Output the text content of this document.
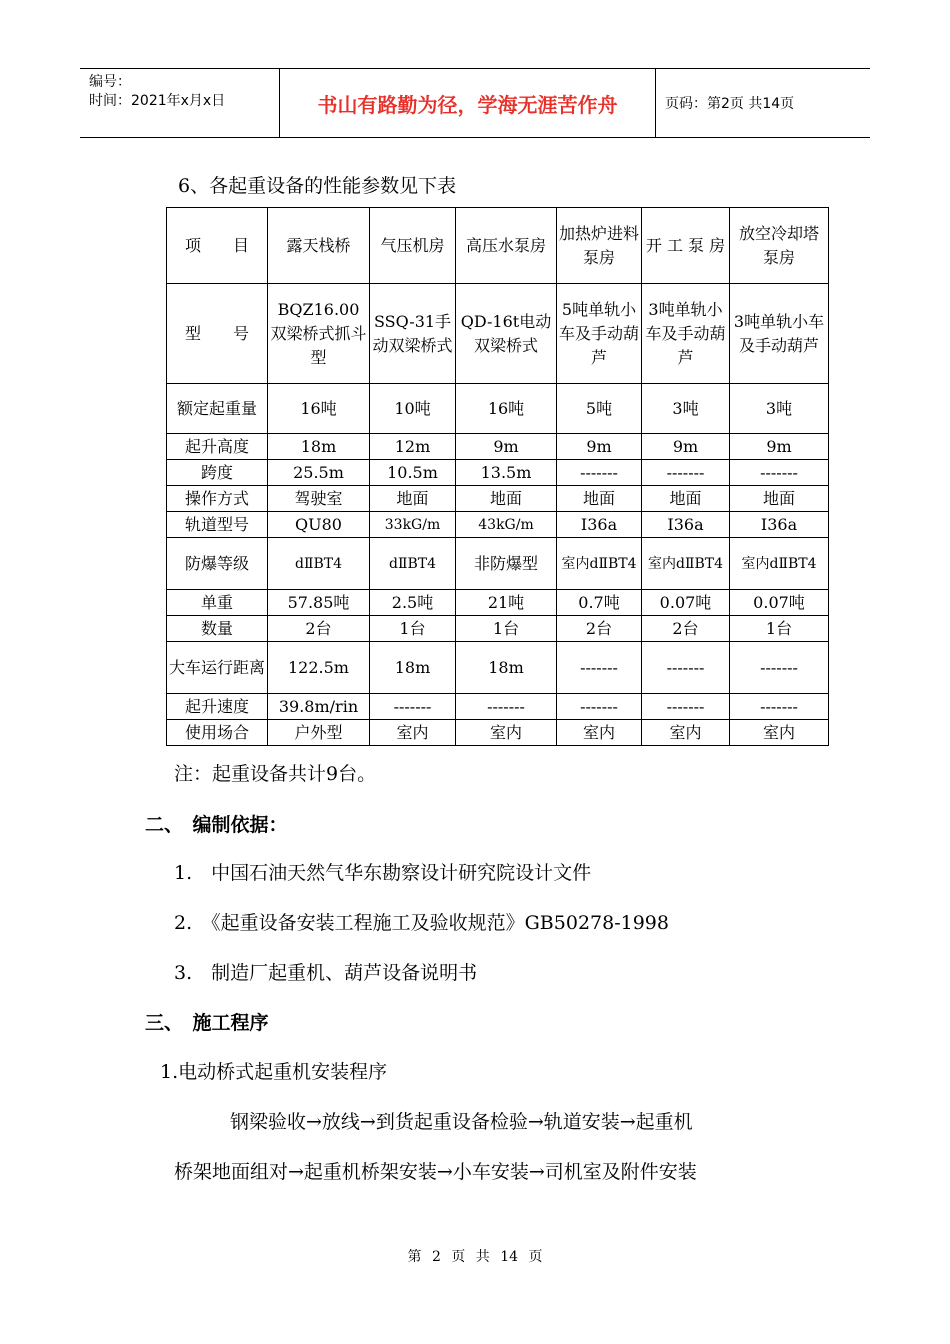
编号：
时间：2021年x月x日	书山有路勤为径，学海无涯苦作舟	页码：第2页 共14页
6、各起重设备的性能参数见下表
项　　目	露天栈桥	气压机房	高压水泵房	加热炉进料泵房	开 工 泵 房	放空冷却塔泵房
型　　号	BQZ16.00双梁桥式抓斗型	SSQ-31手动双梁桥式	QD-16t电动双梁桥式	5吨单轨小车及手动葫芦	3吨单轨小车及手动葫芦	3吨单轨小车及手动葫芦
额定起重量	16吨	10吨	16吨	5吨	3吨	3吨
起升高度	18m	12m	9m	9m	9m	9m
跨度	25.5m	10.5m	13.5m	-------	-------	-------
操作方式	驾驶室	地面	地面	地面	地面	地面
轨道型号	QU80	33kG/m	43kG/m	I36a	I36a	I36a
防爆等级	dⅡBT4	dⅡBT4	非防爆型	室内dⅡBT4	室内dⅡBT4	室内dⅡBT4
单重	57.85吨	2.5吨	21吨	0.7吨	0.07吨	0.07吨
数量	2台	1台	1台	2台	2台	1台
大车运行距离	122.5m	18m	18m	-------	-------	-------
起升速度	39.8m/rin	-------	-------	-------	-------	-------
使用场合	户外型	室内	室内	室内	室内	室内
注：起重设备共计9台。
二、　编制依据：
1.　中国石油天然气华东勘察设计研究院设计文件
2.　《起重设备安装工程施工及验收规范》GB50278-1998
3.　制造厂起重机、葫芦设备说明书
三、　施工程序
1.电动桥式起重机安装程序
钢梁验收→放线→到货起重设备检验→轨道安装→起重机
桥架地面组对→起重机桥架安装→小车安装→司机室及附件安装
第 2 页 共 14 页
